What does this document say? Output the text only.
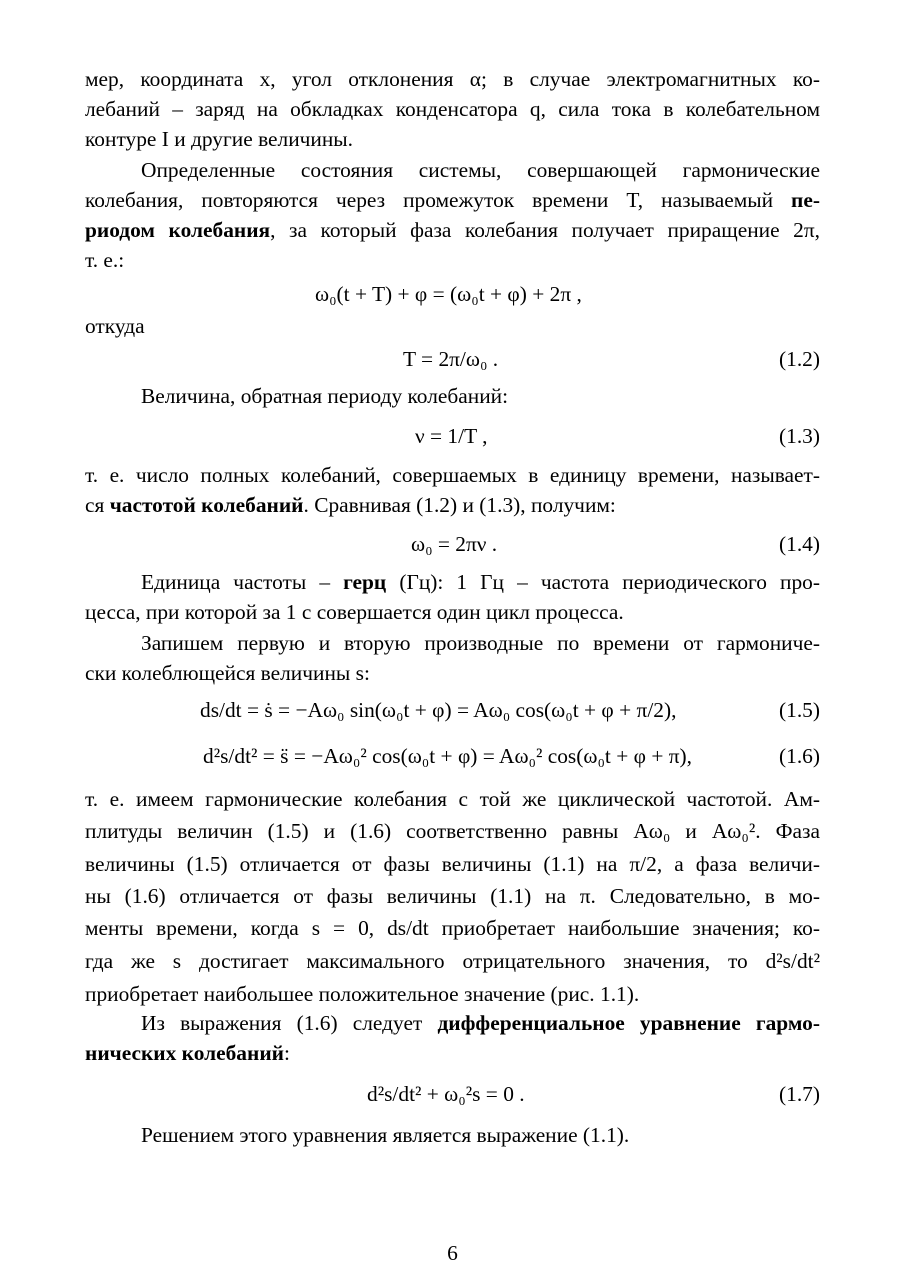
мер, координата x, угол отклонения α; в случае электромагнитных ко-
лебаний – заряд на обкладках конденсатора q, сила тока в колебательном
контуре I и другие величины.
Определенные состояния системы, совершающей гармонические
колебания, повторяются через промежуток времени T, называемый пе-
риодом колебания, за который фаза колебания получает приращение 2π,
т. е.:
ω₀(t + T) + φ = (ω₀t + φ) + 2π ,
откуда
T = 2π/ω₀ .	(1.2)
Величина, обратная периоду колебаний:
ν = 1/T ,	(1.3)
т. е. число полных колебаний, совершаемых в единицу времени, называет-
ся частотой колебаний. Сравнивая (1.2) и (1.3), получим:
ω₀ = 2πν .	(1.4)
Единица частоты – герц (Гц): 1 Гц – частота периодического про-
цесса, при которой за 1 с совершается один цикл процесса.
Запишем первую и вторую производные по времени от гармониче-
ски колеблющейся величины s:
ds/dt = ṡ = −Aω₀ sin(ω₀t + φ) = Aω₀ cos(ω₀t + φ + π/2),	(1.5)
d²s/dt² = s̈ = −Aω₀² cos(ω₀t + φ) = Aω₀² cos(ω₀t + φ + π),	(1.6)
т. е. имеем гармонические колебания с той же циклической частотой. Ам-
плитуды величин (1.5) и (1.6) соответственно равны Aω₀ и Aω₀². Фаза
величины (1.5) отличается от фазы величины (1.1) на π/2, а фаза величи-
ны (1.6) отличается от фазы величины (1.1) на π. Следовательно, в мо-
менты времени, когда s = 0, ds/dt приобретает наибольшие значения; ко-
гда же s достигает максимального отрицательного значения, то d²s/dt²
приобретает наибольшее положительное значение (рис. 1.1).
Из выражения (1.6) следует дифференциальное уравнение гармо-
нических колебаний:
d²s/dt² + ω₀²s = 0 .	(1.7)
Решением этого уравнения является выражение (1.1).
6
